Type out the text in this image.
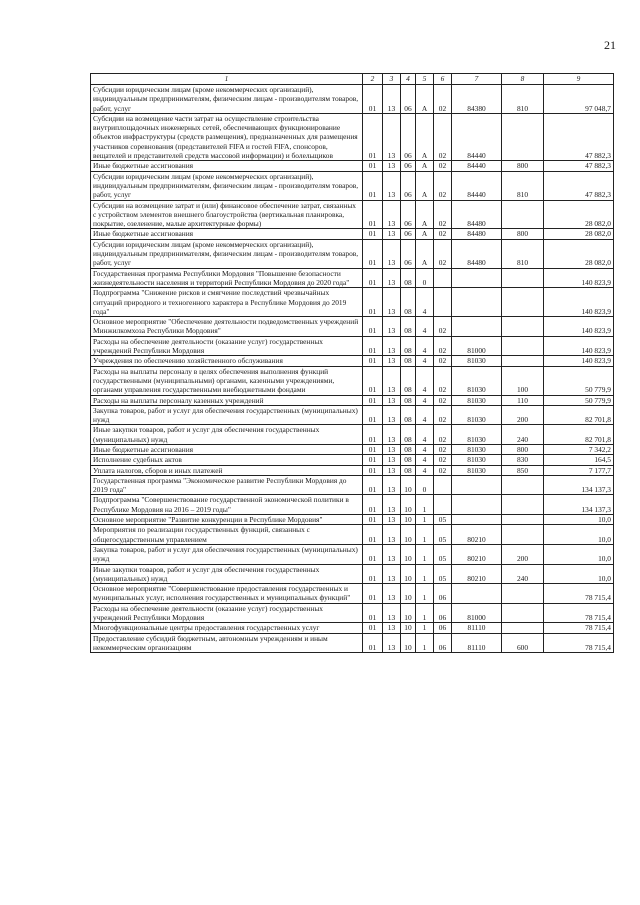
21
1	2	3	4	5	6	7	8	9
Субсидии юридическим лицам (кроме некоммерческих организаций), индивидуальным предпринимателям, физическим лицам - производителям товаров, работ, услуг	01	13	06	А	02	84380	810	97 048,7
Субсидии на возмещение части затрат на осуществление строительства внутриплощадочных инженерных сетей, обеспечивающих функционирование объектов инфраструктуры (средств размещения), предназначенных для размещения участников соревнования (представителей FIFA и гостей FIFA, спонсоров, вещателей и представителей средств массовой информации) и болельщиков	01	13	06	А	02	84440		47 882,3
Иные бюджетные ассигнования	01	13	06	А	02	84440	800	47 882,3
Субсидии юридическим лицам (кроме некоммерческих организаций), индивидуальным предпринимателям, физическим лицам - производителям товаров, работ, услуг	01	13	06	А	02	84440	810	47 882,3
Субсидии на возмещение затрат и (или) финансовое обеспечение затрат, связанных с устройством элементов внешнего благоустройства (вертикальная планировка, покрытие, озеленение, малые архитектурные формы)	01	13	06	А	02	84480		28 082,0
Иные бюджетные ассигнования	01	13	06	А	02	84480	800	28 082,0
Субсидии юридическим лицам (кроме некоммерческих организаций), индивидуальным предпринимателям, физическим лицам - производителям товаров, работ, услуг	01	13	06	А	02	84480	810	28 082,0
Государственная программа Республики Мордовия "Повышение безопасности жизнедеятельности населения и территорий Республики Мордовия до 2020 года"	01	13	08	0				140 823,9
Подпрограмма "Снижение рисков и смягчение последствий чрезвычайных ситуаций природного и техногенного характера в Республике Мордовия до 2019 года"	01	13	08	4				140 823,9
Основное мероприятие "Обеспечение деятельности подведомственных учреждений Минжилкомхоза Республики Мордовия"	01	13	08	4	02			140 823,9
Расходы на обеспечение деятельности (оказание услуг) государственных учреждений Республики Мордовия	01	13	08	4	02	81000		140 823,9
Учреждения по обеспечению хозяйственного обслуживания	01	13	08	4	02	81030		140 823,9
Расходы на выплаты персоналу в целях обеспечения выполнения функций государственными (муниципальными) органами, казенными учреждениями, органами управления государственными внебюджетными фондами	01	13	08	4	02	81030	100	50 779,9
Расходы на выплаты персоналу казенных учреждений	01	13	08	4	02	81030	110	50 779,9
Закупка товаров, работ и услуг для обеспечения государственных (муниципальных) нужд	01	13	08	4	02	81030	200	82 701,8
Иные закупки товаров, работ и услуг для обеспечения государственных (муниципальных) нужд	01	13	08	4	02	81030	240	82 701,8
Иные бюджетные ассигнования	01	13	08	4	02	81030	800	7 342,2
Исполнение судебных актов	01	13	08	4	02	81030	830	164,5
Уплата налогов, сборов и иных платежей	01	13	08	4	02	81030	850	7 177,7
Государственная программа "Экономическое развитие Республики Мордовия до 2019 года"	01	13	10	0				134 137,3
Подпрограмма "Совершенствование государственной экономической политики в Республике Мордовия на 2016 – 2019 годы"	01	13	10	1				134 137,3
Основное мероприятие "Развитие конкуренции в Республике Мордовия"	01	13	10	1	05			10,0
Мероприятия по реализации государственных функций, связанных с общегосударственным управлением	01	13	10	1	05	80210		10,0
Закупка товаров, работ и услуг для обеспечения государственных (муниципальных) нужд	01	13	10	1	05	80210	200	10,0
Иные закупки товаров, работ и услуг для обеспечения государственных (муниципальных) нужд	01	13	10	1	05	80210	240	10,0
Основное мероприятие "Совершенствование предоставления государственных и муниципальных услуг, исполнения государственных и муниципальных функций"	01	13	10	1	06			78 715,4
Расходы на обеспечение деятельности (оказание услуг) государственных учреждений Республики Мордовия	01	13	10	1	06	81000		78 715,4
Многофункциональные центры предоставления государственных услуг	01	13	10	1	06	81110		78 715,4
Предоставление субсидий бюджетным, автономным учреждениям и иным некоммерческим организациям	01	13	10	1	06	81110	600	78 715,4
